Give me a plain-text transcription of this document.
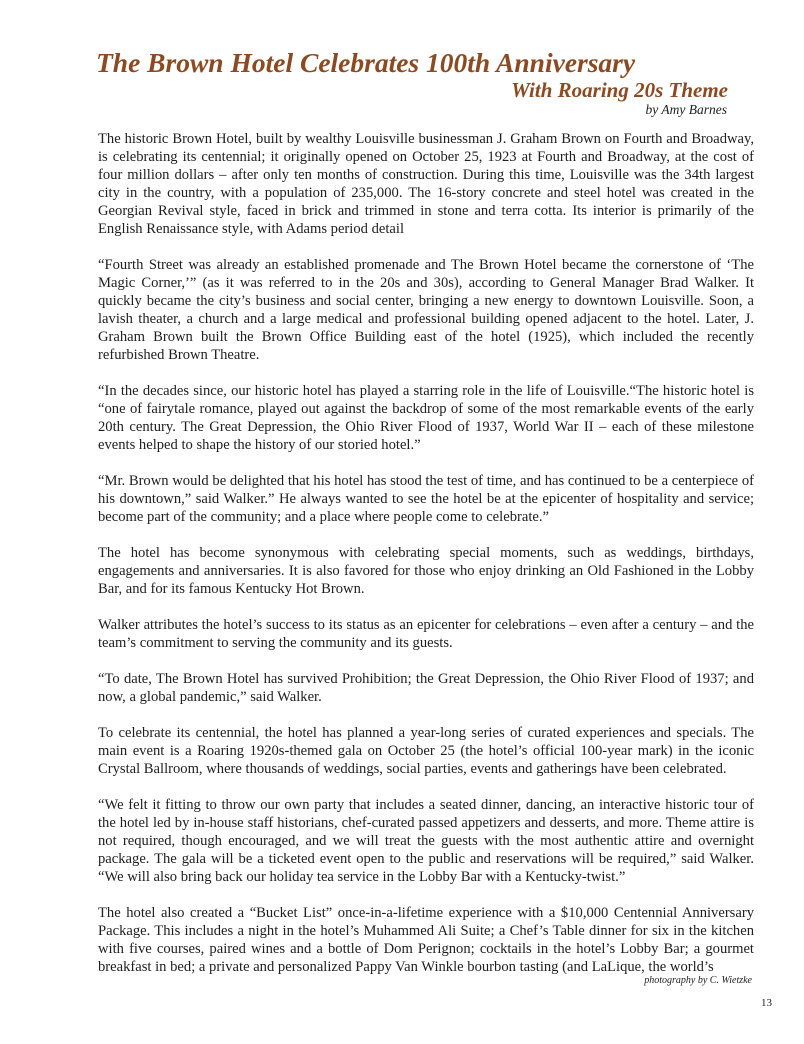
The Brown Hotel Celebrates 100th Anniversary
With Roaring 20s Theme
by Amy Barnes

The historic Brown Hotel, built by wealthy Louisville businessman J. Graham Brown on Fourth and Broadway, is celebrating its centennial; it originally opened on October 25, 1923 at Fourth and Broadway, at the cost of four million dollars – after only ten months of construction. During this time, Louisville was the 34th largest city in the country, with a population of 235,000. The 16-story concrete and steel hotel was created in the Georgian Revival style, faced in brick and trimmed in stone and terra cotta. Its interior is primarily of the English Renaissance style, with Adams period detail

“Fourth Street was already an established promenade and The Brown Hotel became the cornerstone of ‘The Magic Corner,’” (as it was referred to in the 20s and 30s), according to General Manager Brad Walker. It quickly became the city’s business and social center, bringing a new energy to downtown Louisville. Soon, a lavish theater, a church and a large medical and professional building opened adjacent to the hotel. Later, J. Graham Brown built the Brown Office Building east of the hotel (1925), which included the recently refurbished Brown Theatre.

“In the decades since, our historic hotel has played a starring role in the life of Louisville.“The historic hotel is “one of fairytale romance, played out against the backdrop of some of the most remarkable events of the early 20th century. The Great Depression, the Ohio River Flood of 1937, World War II – each of these milestone events helped to shape the history of our storied hotel.”

“Mr. Brown would be delighted that his hotel has stood the test of time, and has continued to be a centerpiece of his downtown,” said Walker.” He always wanted to see the hotel be at the epicenter of hospitality and service; become part of the community; and a place where people come to celebrate.”

The hotel has become synonymous with celebrating special moments, such as weddings, birthdays, engagements and anniversaries. It is also favored for those who enjoy drinking an Old Fashioned in the Lobby Bar, and for its famous Kentucky Hot Brown.

Walker attributes the hotel’s success to its status as an epicenter for celebrations – even after a century – and the team’s commitment to serving the community and its guests.

“To date, The Brown Hotel has survived Prohibition; the Great Depression, the Ohio River Flood of 1937; and now, a global pandemic,” said Walker.

To celebrate its centennial, the hotel has planned a year-long series of curated experiences and specials. The main event is a Roaring 1920s-themed gala on October 25 (the hotel’s official 100-year mark) in the iconic Crystal Ballroom, where thousands of weddings, social parties, events and gatherings have been celebrated.

“We felt it fitting to throw our own party that includes a seated dinner, dancing, an interactive historic tour of the hotel led by in-house staff historians, chef-curated passed appetizers and desserts, and more. Theme attire is not required, though encouraged, and we will treat the guests with the most authentic attire and overnight package. The gala will be a ticketed event open to the public and reservations will be required,” said Walker. “We will also bring back our holiday tea service in the Lobby Bar with a Kentucky-twist.”

The hotel also created a “Bucket List” once-in-a-lifetime experience with a $10,000 Centennial Anniversary Package. This includes a night in the hotel’s Muhammed Ali Suite; a Chef’s Table dinner for six in the kitchen with five courses, paired wines and a bottle of Dom Perignon; cocktails in the hotel’s Lobby Bar; a gourmet breakfast in bed; a private and personalized Pappy Van Winkle bourbon tasting (and LaLique, the world’s

photography by C. Wietzke
13
